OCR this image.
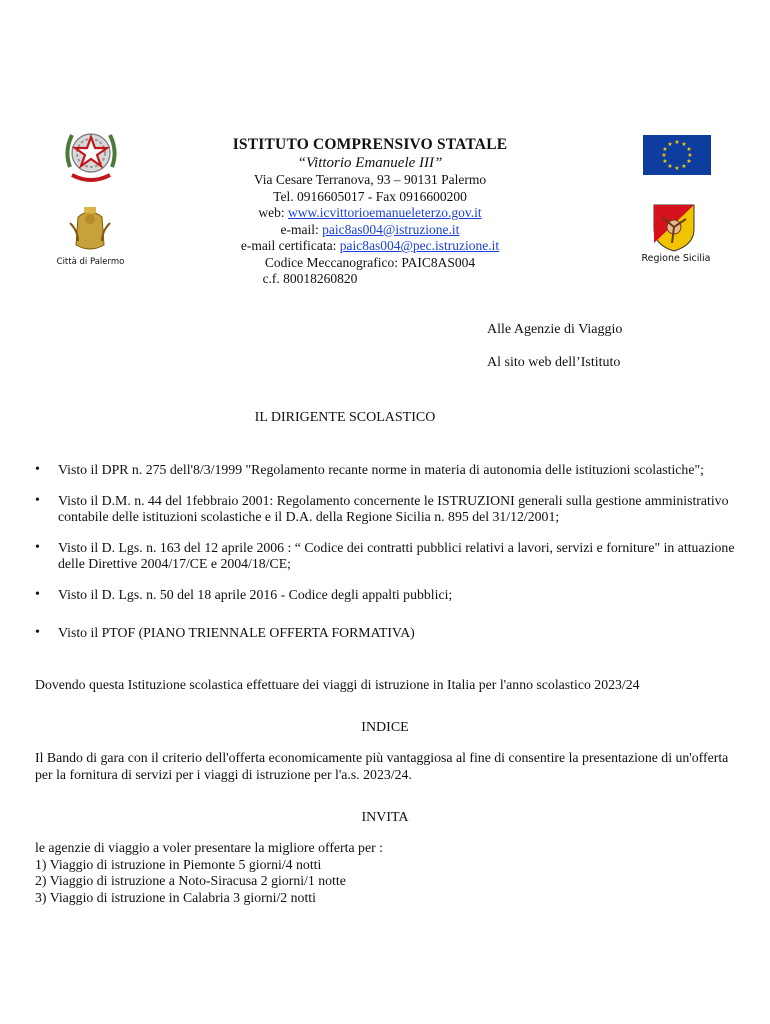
Città di Palermo
★ ★
★
★
★
★
★
★
★
★
★
★
Regione Sicilia
ISTITUTO COMPRENSIVO STATALE
“Vittorio Emanuele III”
Via Cesare Terranova, 93 – 90131 Palermo
Tel. 0916605017 - Fax 0916600200
web: www.icvittorioemanueleterzo.gov.it
e-mail: paic8as004@istruzione.it
e-mail certificata: paic8as004@pec.istruzione.it
Codice Meccanografico: PAIC8AS004
c.f. 80018260820
Alle Agenzie di Viaggio
Al sito web dell’Istituto
IL DIRIGENTE SCOLASTICO
• Visto il DPR n. 275 dell'8/3/1999 "Regolamento recante norme in materia di autonomia delle istituzioni scolastiche";
• Visto il D.M. n. 44 del 1febbraio 2001: Regolamento concernente le ISTRUZIONI generali sulla gestione amministrativo contabile delle istituzioni scolastiche e il D.A. della Regione Sicilia n. 895 del 31/12/2001;
• Visto il D. Lgs. n. 163 del 12 aprile 2006 : “ Codice dei contratti pubblici relativi a lavori, servizi e forniture" in attuazione delle Direttive 2004/17/CE e 2004/18/CE;
• Visto il D. Lgs. n. 50 del 18 aprile 2016 - Codice degli appalti pubblici;
• Visto il PTOF (PIANO TRIENNALE OFFERTA FORMATIVA)
Dovendo questa Istituzione scolastica effettuare dei viaggi di istruzione in Italia per l'anno scolastico 2023/24
INDICE
Il Bando di gara con il criterio dell'offerta economicamente più vantaggiosa al fine di consentire la presentazione di un'offerta per la fornitura di servizi per i viaggi di istruzione per l'a.s. 2023/24.
INVITA
le agenzie di viaggio a voler presentare la migliore offerta per :
1) Viaggio di istruzione in Piemonte 5 giorni/4 notti
2) Viaggio di istruzione a Noto-Siracusa 2 giorni/1 notte
3) Viaggio di istruzione in Calabria 3 giorni/2 notti
